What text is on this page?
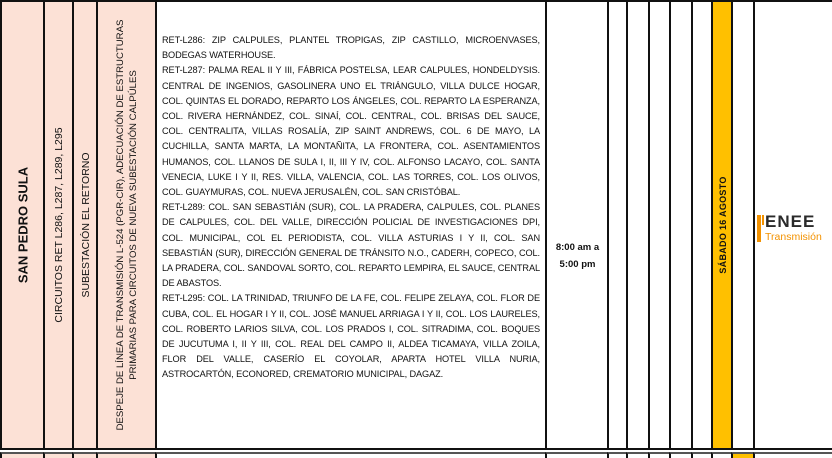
SAN PEDRO SULA CIRCUITOS RET L286, L287, L289, L295 SUBESTACIÓN EL RETORNO DESPEJE DE LÍNEA DE TRANSMISIÓN L-524 (PGR-CIR), ADECUACIÓN DE ESTRUCTURAS PRIMARIAS PARA CIRCUITOS DE NUEVA SUBESTACIÓN CALPÚLES

RET-L286: ZIP CALPULES, PLANTEL TROPIGAS, ZIP CASTILLO, MICROENVASES, BODEGAS WATERHOUSE.

RET-L287: PALMA REAL II Y III, FÁBRICA POSTELSA, LEAR CALPULES, HONDELDYSIS. CENTRAL DE INGENIOS, GASOLINERA UNO EL TRIÁNGULO, VILLA DULCE HOGAR, COL. QUINTAS EL DORADO, REPARTO LOS ÁNGELES, COL. REPARTO LA ESPERANZA, COL. RIVERA HERNÁNDEZ, COL. SINAÍ, COL. CENTRAL, COL. BRISAS DEL SAUCE, COL. CENTRALITA, VILLAS ROSALÍA, ZIP SAINT ANDREWS, COL. 6 DE MAYO, LA CUCHILLA, SANTA MARTA, LA MONTAÑITA, LA FRONTERA, COL. ASENTAMIENTOS HUMANOS, COL. LLANOS DE SULA I, II, III Y IV, COL. ALFONSO LACAYO, COL. SANTA VENECIA, LUKE I Y II, RES. VILLA, VALENCIA, COL. LAS TORRES, COL. LOS OLIVOS, COL. GUAYMURAS, COL. NUEVA JERUSALÉN, COL. SAN CRISTÓBAL.

RET-L289: COL. SAN SEBASTIÁN (SUR), COL. LA PRADERA, CALPULES, COL. PLANES DE CALPULES, COL. DEL VALLE, DIRECCIÓN POLICIAL DE INVESTIGACIONES DPI, COL. MUNICIPAL, COL EL PERIODISTA, COL. VILLA ASTURIAS I Y II, COL. SAN SEBASTIÁN (SUR), DIRECCIÓN GENERAL DE TRÁNSITO N.O., CADERH, COPECO, COL. LA PRADERA, COL. SANDOVAL SORTO, COL. REPARTO LEMPIRA, EL SAUCE, CENTRAL DE ABASTOS.

RET-L295: COL. LA TRINIDAD, TRIUNFO DE LA FE, COL. FELIPE ZELAYA, COL. FLOR DE CUBA, COL. EL HOGAR I Y II, COL. JOSÉ MANUEL ARRIAGA I Y II, COL. LOS LAURELES, COL. ROBERTO LARIOS SILVA, COL. LOS PRADOS I, COL. SITRADIMA, COL. BOQUES DE JUCUTUMA I, II Y III, COL. REAL DEL CAMPO II, ALDEA TICAMAYA, VILLA ZOILA, FLOR DEL VALLE, CASERÍO EL COYOLAR, APARTA HOTEL VILLA NURIA, ASTROCARTÓN, ECONORED, CREMATORIO MUNICIPAL, DAGAZ.

8:00 am a
5:00 pm	SÁBADO 16 AGOSTO ENEE
Transmisión
